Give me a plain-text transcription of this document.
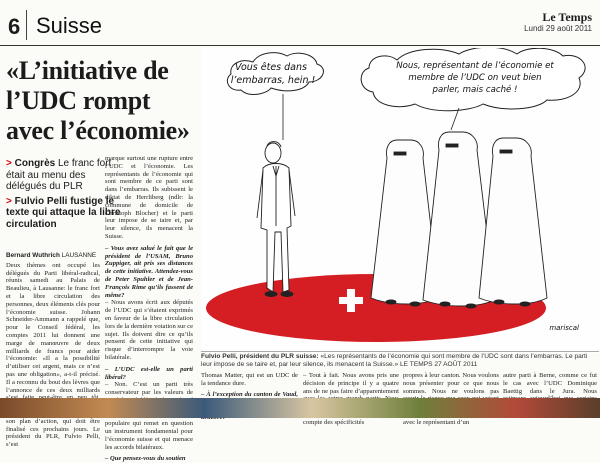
6 Suisse	Le Temps
Lundi 29 août 2011
«L’initiative de
l’UDC rompt
avec l’économie»

> Congrès Le franc fort était au menu des délégués du PLR

> Fulvio Pelli fustige le texte qui attaque la libre circulation

Bernard Wuthrich LAUSANNE
Deux thèmes ont occupé les délégués du Parti libéral-radical, réunis samedi au Palais de Beaulieu, à Lausanne: le franc fort et la libre circulation des personnes, deux éléments clés pour l’économie suisse. Johann Schneider-Ammann a rappelé que, pour le Conseil fédéral, les comptes 2011 lui donnent une marge de manœuvre de deux milliards de francs pour aider l’économie: «Il a la possibilité d’utiliser cet argent, mais ce n’est pas une obligation», a-t-il précisé. Il a reconnu du bout des lèvres que l’annonce de ces deux milliards son plan d’action, qui doit être finalisé ces prochains jours. Le président du PLR, Fulvio Pelli, s’est
marque surtout une rupture entre l’UDC et l’économie. Les représentants de l’économie qui sont membre de ce parti sont dans l’embarras. Ils subissent le diktat de Herrliberg (ndlr: la commune de domicile de Christoph Blocher) et le parti leur impose de se taire et, par leur silence, ils menacent la Suisse.
– Vous avez salué le fait que le président de l’USAM, Bruno Zuppiger, ait pris ses distances de cette initiative. Attendez-vous de Peter Spuhler et de Jean-François Rime qu’ils fassent de même?
– Nous avons écrit aux députés de l’UDC qui s’étaient exprimés en faveur de la libre circulation lors de la dernière votation sur ce sujet. Ils doivent dire ce qu’ils pensent de cette initiative qui risque d’interrompre la voie bilatérale.
– L’UDC est-elle un parti libéral?
– Non. C’est un parti très conservateur par les valeurs de populaire qui remet en question un instrument fondamental pour l’économie suisse et qui menace les accords bilatéraux.
– Que pensez-vous du soutien
Vous êtes dans
l’embarras, hein !
Nous, représentant de l’économie et
membre de l’UDC on veut bien
parler, mais caché !
mariscal
Fulvio Pelli, président du PLR suisse: «Les représentants de l’économie qui sont membre de l’UDC sont dans l’embarras. Le parti leur impose de se taire et, par leur silence, ils menacent la Suisse.» LE TEMPS 27 AOÛT 2011
Thomas Matter, qui est un UDC de la tendance dure.
– À l’exception du canton de Vaud,
– Tout à fait. Nous avons pris une décision de principe il y a quatre ans de ne pas faire d’apparentement compte des spécificités
propres à leur canton. Nous voulons nous présenter pour ce que nous sommes. Nous ne voulons pas avec le représentant d’un
autre parti à Berne, comme ce fut le cas avec l’UDC Dominique Baettig dans le Jura. Nous
